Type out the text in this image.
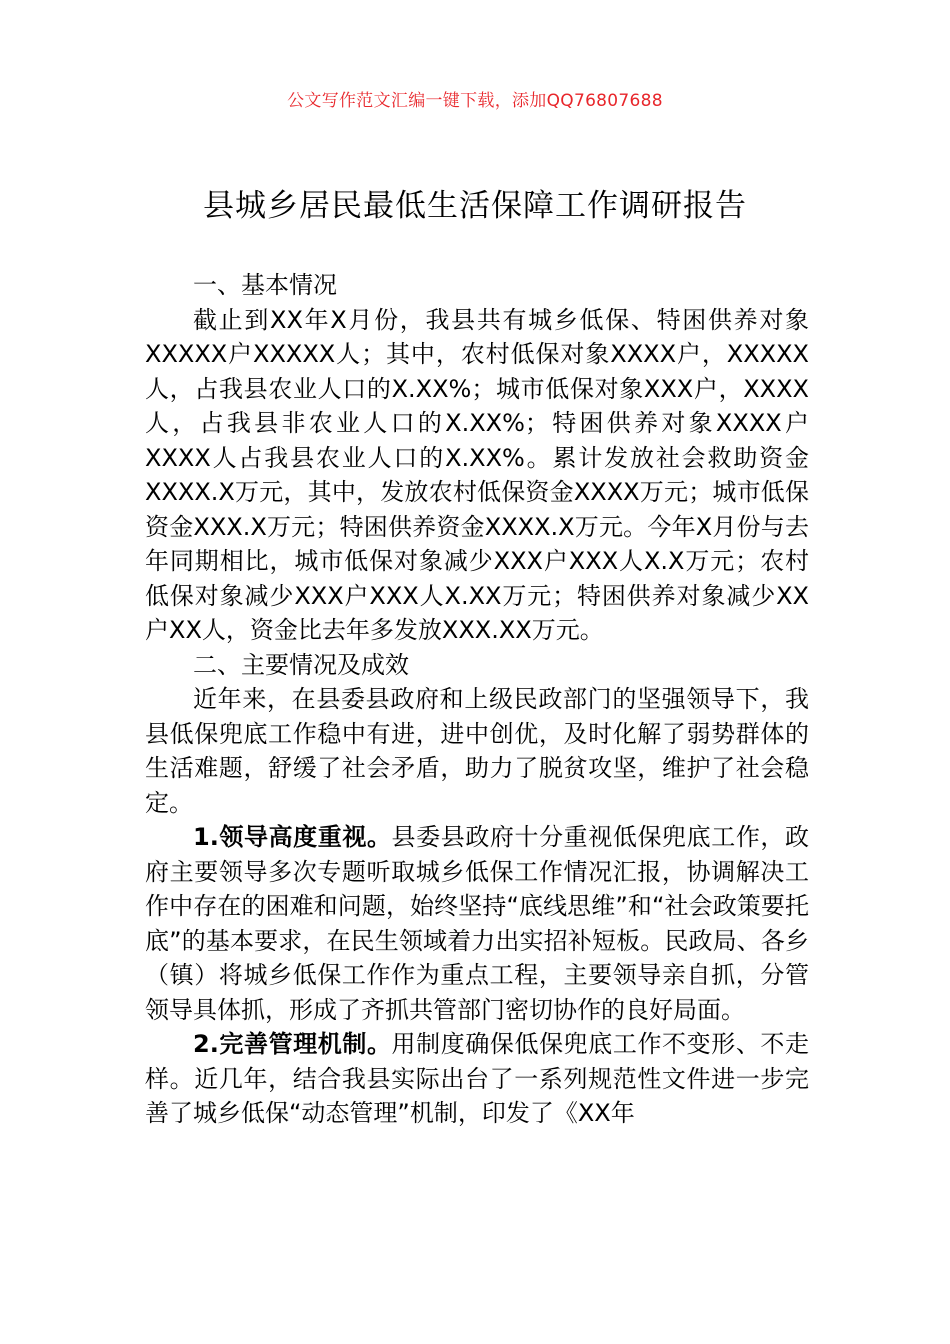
公文写作范文汇编一键下载，添加QQ76807688
县城乡居民最低生活保障工作调研报告

一、基本情况

截止到XX年X月份，我县共有城乡低保、特困供养对象XXXXX户XXXXX人；其中，农村低保对象XXXX户，XXXXX人，占我县农业人口的X.XX%；城市低保对象XXX户，XXXX人，占我县非农业人口的X.XX%；特困供养对象XXXX户XXXX人占我县农业人口的X.XX%。累计发放社会救助资金XXXX.X万元，其中，发放农村低保资金XXXX万元；城市低保资金XXX.X万元；特困供养资金XXXX.X万元。今年X月份与去年同期相比，城市低保对象减少XXX户XXX人X.X万元；农村低保对象减少XXX户XXX人X.XX万元；特困供养对象减少XX户XX人，资金比去年多发放XXX.XX万元。

二、主要情况及成效

近年来，在县委县政府和上级民政部门的坚强领导下，我县低保兜底工作稳中有进，进中创优，及时化解了弱势群体的生活难题，舒缓了社会矛盾，助力了脱贫攻坚，维护了社会稳定。

1.领导高度重视。县委县政府十分重视低保兜底工作，政府主要领导多次专题听取城乡低保工作情况汇报，协调解决工作中存在的困难和问题，始终坚持“底线思维”和“社会政策要托底”的基本要求，在民生领域着力出实招补短板。民政局、各乡（镇）将城乡低保工作作为重点工程，主要领导亲自抓，分管领导具体抓，形成了齐抓共管部门密切协作的良好局面。

2.完善管理机制。用制度确保低保兜底工作不变形、不走样。近几年，结合我县实际出台了一系列规范性文件进一步完善了城乡低保“动态管理”机制，印发了《XX年
